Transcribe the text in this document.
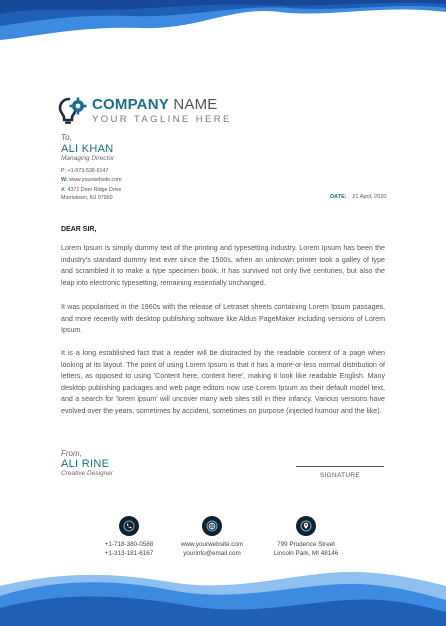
COMPANY NAME
YOUR TAGLINE HERE
To,
ALI KHAN
Managing Director
P: +1-973-538-9147
W: www.yourwebsite.com
A: 4371 Deer Ridge Drive
Morristown, NJ 07960	DATE: 21 April, 2020
DEAR SIR,

Lorem Ipsum is simply dummy text of the printing and typesetting industry. Lorem Ipsum has been the industry's standard dummy text ever since the 1500s, when an unknown printer took a galley of type and scrambled it to make a type specimen book. It has survived not only five centuries, but also the leap into electronic typesetting, remaining essentially unchanged.

It was popularised in the 1960s with the release of Letraset sheets containing Lorem Ipsum passages, and more recently with desktop publishing software like Aldus PageMaker including versions of Lorem Ipsum.

It is a long established fact that a reader will be distracted by the readable content of a page when looking at its layout. The point of using Lorem Ipsum is that it has a more-or-less normal distribution of letters, as opposed to using 'Content here, content here', making it look like readable English. Many desktop publishing packages and web page editors now use Lorem Ipsum as their default model text, and a search for 'lorem ipsum' will uncover many web sites still in their infancy. Various versions have evolved over the years, sometimes by accident, sometimes on purpose (injected humour and the like).

From,
ALI RINE
Creative Designer	SIGNATURE
+1-718-380-0588
+1-313-181-6167
www.yourwebsite.com
yourinfo@email.com
799 Prudence Street
Lincoln Park, MI 48146
